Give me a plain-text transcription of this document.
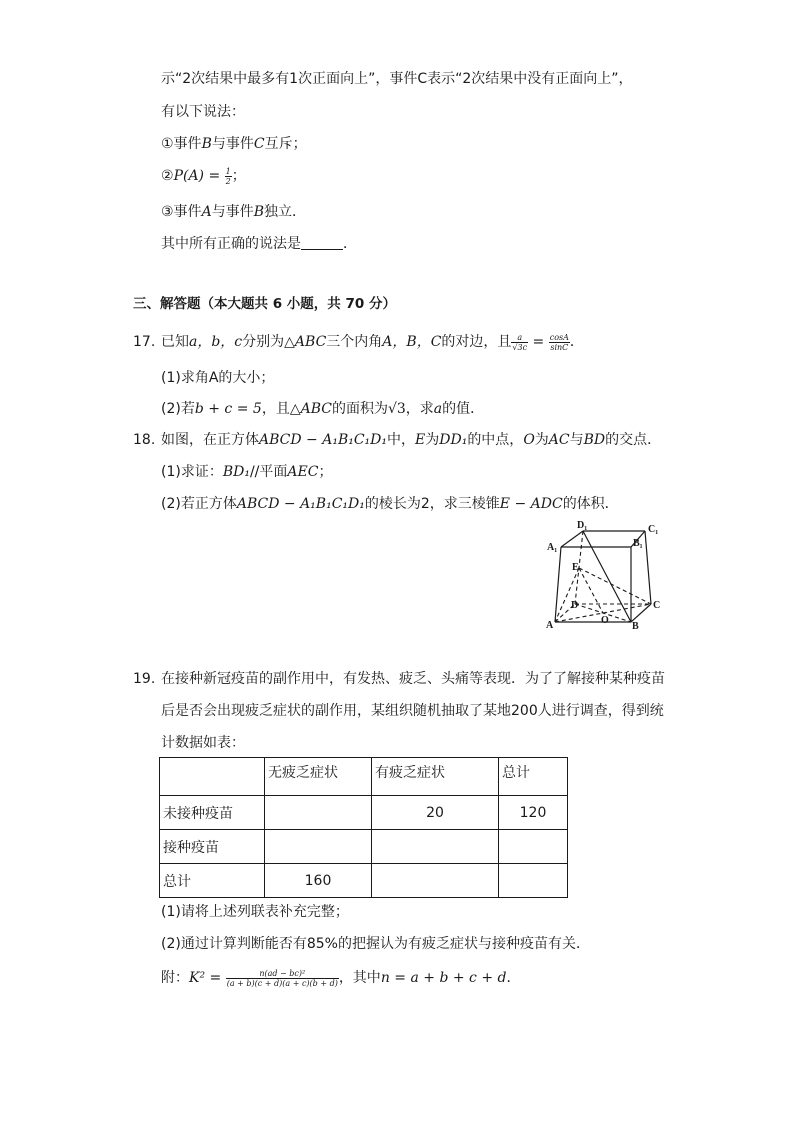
示“2次结果中最多有1次正面向上”，事件C表示“2次结果中没有正面向上”，
有以下说法：
①事件B与事件C互斥；
②P(A) = $\frac{1}{2}$ ；
③事件A与事件B独立．
其中所有正确的说法是	．
三、解答题（本大题共 6 小题，共 70 分）
17. 已知a，b，c分别为△ABC三个内角A，B，C的对边，且 $\frac{a}{√3c} = \frac{\cos A}{\sin C}$ ．
(1)求角A的大小；
(2)若b + c = 5，且△ABC的面积为√3，求a的值．
18. 如图，在正方体ABCD − A₁B₁C₁D₁中，E为DD₁的中点，O为AC与BD的交点．
(1)求证：BD₁//平面AEC；
(2)若正方体ABCD − A₁B₁C₁D₁的棱长为2，求三棱锥E − ADC的体积．
D₁	C₁
A₁	B₁
E
D	C
O
A	B
19. 在接种新冠疫苗的副作用中，有发热、疲乏、头痛等表现．为了了解接种某种疫苗
后是否会出现疲乏症状的副作用，某组织随机抽取了某地200人进行调查，得到统
计数据如表：
	无疲乏症状	有疲乏症状	总计
未接种疫苗		20	120
接种疫苗			
总计	160		
(1)请将上述列联表补充完整；
(2)通过计算判断能否有85%的把握认为有疲乏症状与接种疫苗有关．
附：$K^2 = \frac{\text{n(ad − bc)²}}{(a + b)(c + d)(a + c)(b + d)}$ ，其中n = a + b + c + d．
